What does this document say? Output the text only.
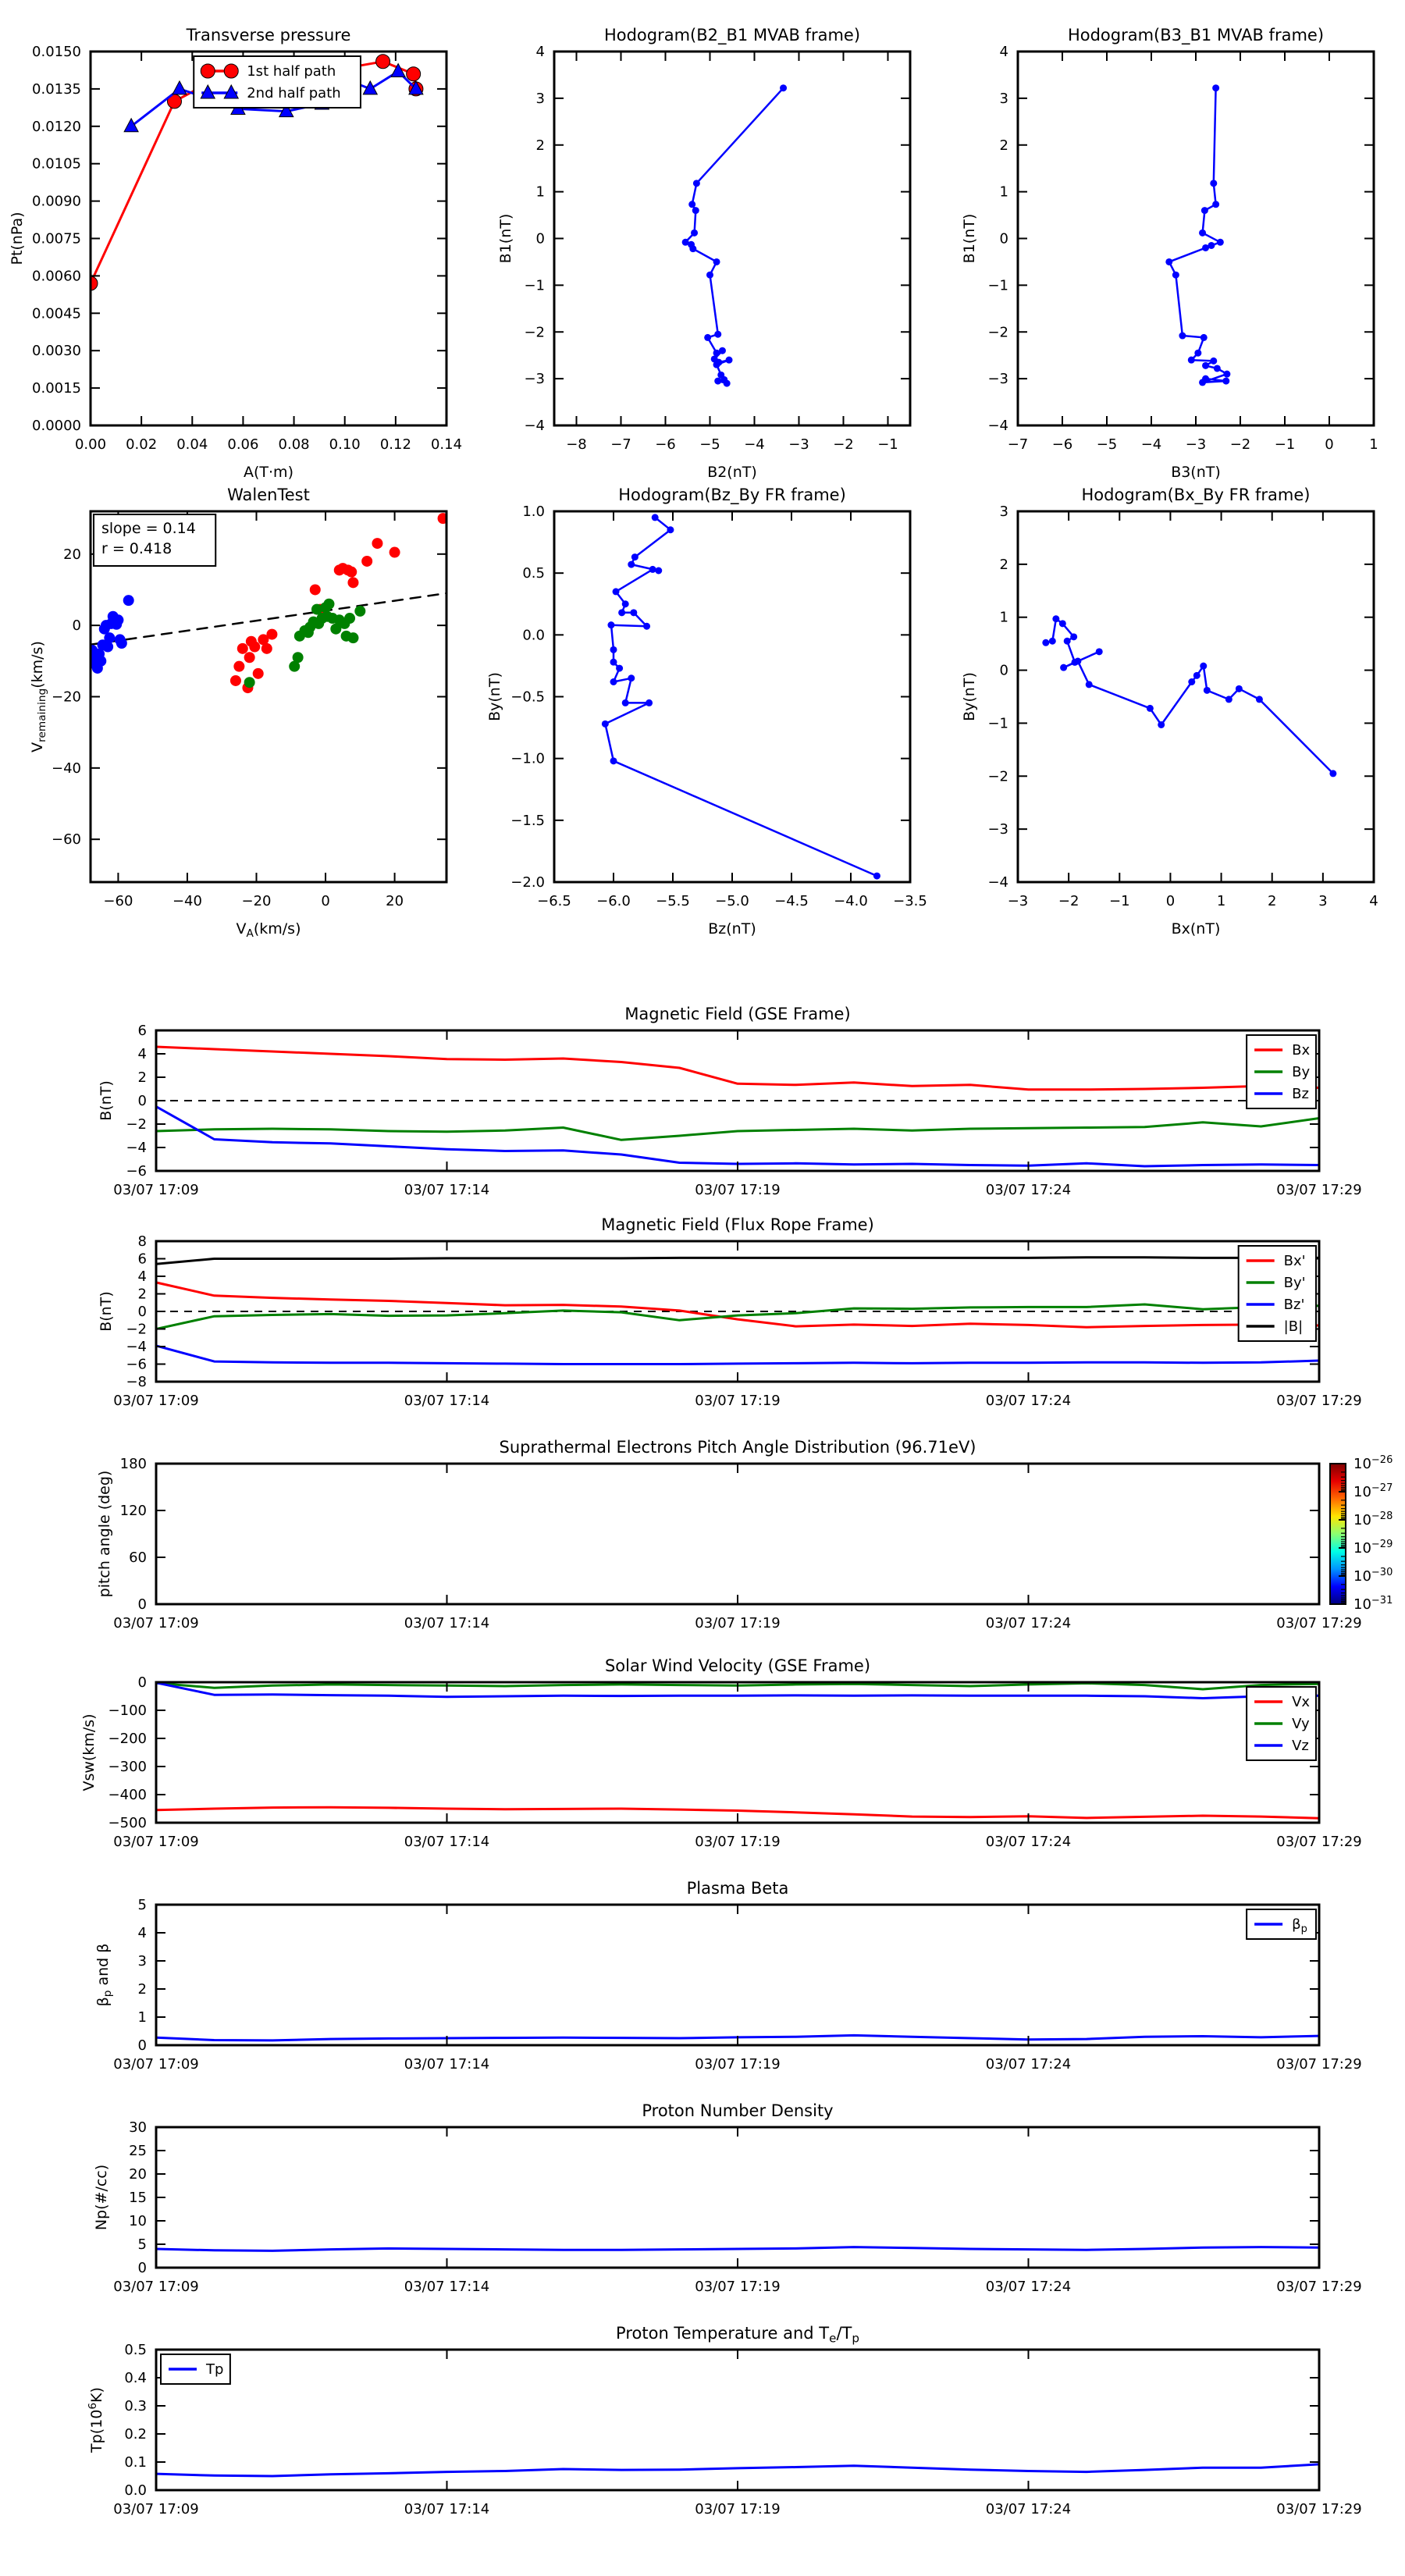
0.00 0.02 0.04 0.06 0.08 0.10 0.12 0.14
0.0000
0.0015
0.0030
0.0045
0.0060
0.0075
0.0090
0.0105
0.0120
0.0135
0.0150
Transverse pressure
A(T·m)
Pt(nPa)
1st half path
2nd half path
−8 −7 −6 −5 −4 −3 −2 −1
−4
−3
−2
−1
0
1
2
3
4
Hodogram(B2_B1 MVAB frame)
B2(nT)
B1(nT)
−7 −6 −5 −4 −3 −2 −1 0	1
−4
−3
−2
−1
0
1
2
3
4
Hodogram(B3_B1 MVAB frame)
B3(nT)
B1(nT)
−60	−40	−20	0	20
−60
−40
−20
0
20
WalenTest
$V_A(km/s)$
$V_{remaining}(km/s)$
slope = 0.14
r = 0.418
−6.5 −6.0 −5.5 −5.0 −4.5 −4.0 −3.5
−2.0
−1.5
−1.0
−0.5
0.0
0.5
1.0
Hodogram(Bz_By FR frame)
Bz(nT)
By(nT)
−3 −2 −1	0	1	2	3	4
−4
−3
−2
−1
0
1
2
3
Hodogram(Bx_By FR frame)
Bx(nT)
By(nT)
03/07 17:09	03/07 17:14	03/07 17:19	03/07 17:24	03/07 17:29
−6
−4
−2
0
2
4
6
Magnetic Field (GSE Frame)
B(nT)
Bx
By
Bz
03/07 17:09	03/07 17:14	03/07 17:19	03/07 17:24	03/07 17:29
−8
−6
−4
−2
0
2
4
6
8
Magnetic Field (Flux Rope Frame)
B(nT)
Bx'
By'
Bz'
|B|
03/07 17:09	03/07 17:14	03/07 17:19	03/07 17:24	03/07 17:29
0
60
120
180
Suprathermal Electrons Pitch Angle Distribution (96.71eV)
pitch angle (deg)
$10^{-26}$
$10^{-27}$
$10^{-28}$
$10^{-29}$
$10^{-30}$
$10^{-31}$
03/07 17:09	03/07 17:14	03/07 17:19	03/07 17:24	03/07 17:29
−500
−400
−300
−200
−100
0
Solar Wind Velocity (GSE Frame)
Vsw(km/s)
Vx
Vy
Vz
03/07 17:09	03/07 17:14	03/07 17:19	03/07 17:24	03/07 17:29
0
1
2
3
4
5
Plasma Beta
$\beta_p$ and β
$\beta_p$
03/07 17:09	03/07 17:14	03/07 17:19	03/07 17:24	03/07 17:29
0
5
10
15
20
25
30
Proton Number Density
Np(#/cc)
03/07 17:09	03/07 17:14	03/07 17:19	03/07 17:24	03/07 17:29
0.0
0.1
0.2
0.3
0.4
0.5
Proton Temperature and $T_e/T_p$
$Tp(10^6K)$
Tp
